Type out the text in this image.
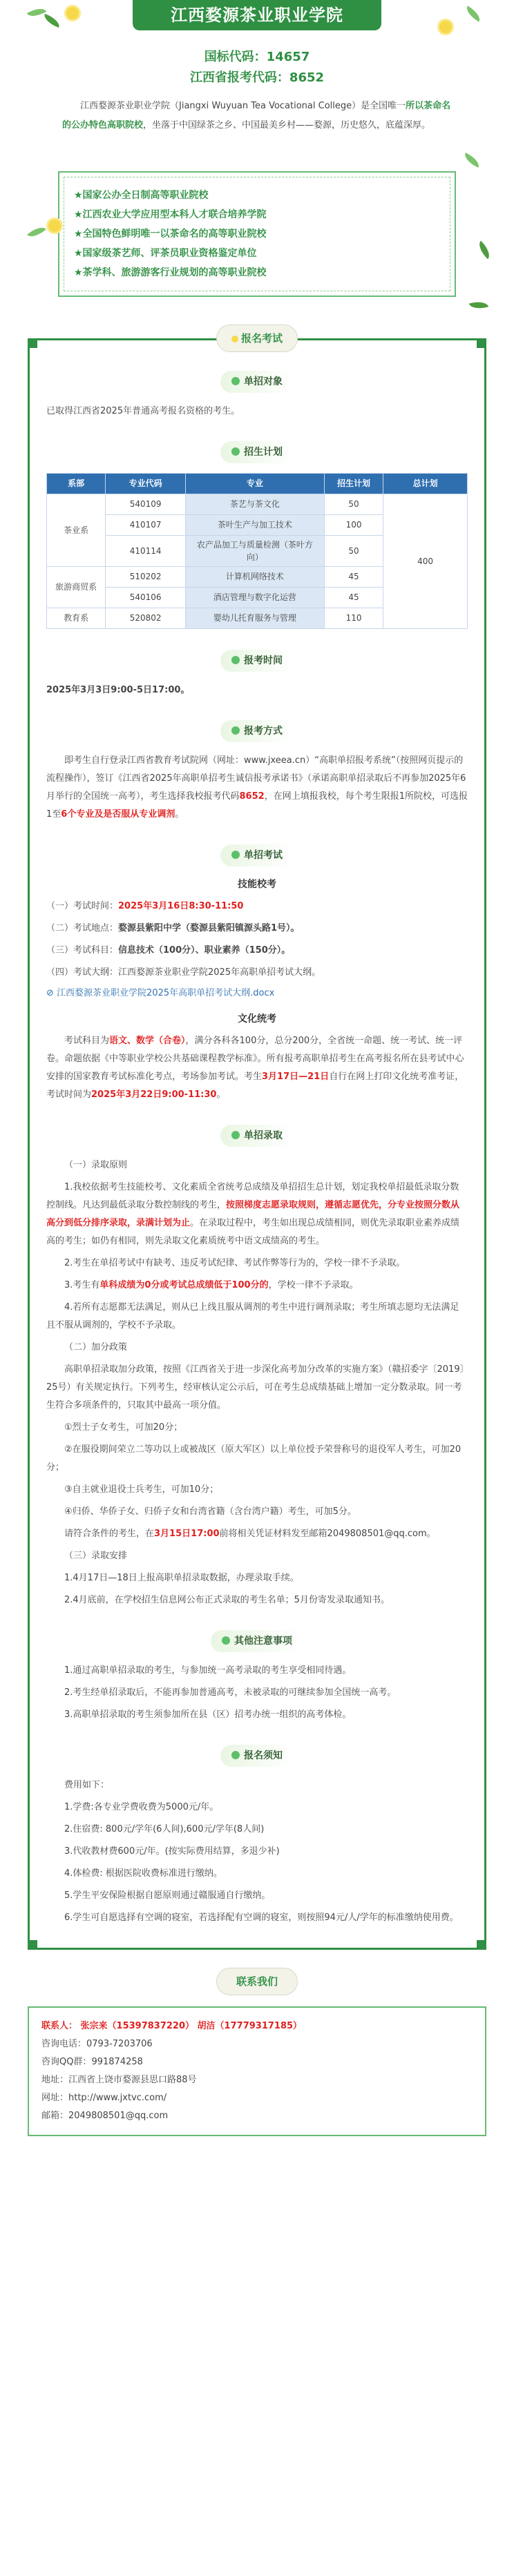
江西婺源茶业职业学院
国标代码：14657
江西省报考代码：8652

江西婺源茶业职业学院（Jiangxi Wuyuan Tea Vocational College）是全国唯一所以茶命名的公办特色高职院校，坐落于中国绿茶之乡、中国最美乡村——婺源，历史悠久，底蕴深厚。

★国家公办全日制高等职业院校
★江西农业大学应用型本科人才联合培养学院
★全国特色鲜明唯一以茶命名的高等职业院校
★国家级茶艺师、评茶员职业资格鉴定单位
★茶学科、旅游游客行业规划的高等职业院校
报名考试
单招对象

已取得江西省2025年普通高考报名资格的考生。

招生计划
系部	专业代码	专业	招生计划	总计划
茶业系	540109	茶艺与茶文化	50	400
	410107	茶叶生产与加工技术	100	
	410114	农产品加工与质量检测（茶叶方向）	50	
旅游商贸系	510202	计算机网络技术	45	
	540106	酒店管理与数字化运营	45	
教育系	520802	婴幼儿托育服务与管理	110	
报考时间

2025年3月3日9:00-5日17:00。

报考方式

即考生自行登录江西省教育考试院网（网址：www.jxeea.cn）“高职单招报考系统”（按照网页提示的流程操作），签订《江西省2025年高职单招考生诚信报考承诺书》（承诺高职单招录取后不再参加2025年6月举行的全国统一高考），考生选择我校报考代码8652，在网上填报我校，每个考生限报1所院校，可选报1至6个专业及是否服从专业调剂。

单招考试
技能校考

（一）考试时间：2025年3月16日8:30-11:50

（二）考试地点：婺源县紫阳中学（婺源县紫阳镇源头路1号）。

（三）考试科目：信息技术（100分）、职业素养（150分）。

（四）考试大纲：江西婺源茶业职业学院2025年高职单招考试大纲。

⊘ 江西婺源茶业职业学院2025年高职单招考试大纲.docx
文化统考

考试科目为语文、数学（合卷），满分各科各100分，总分200分，全省统一命题、统一考试、统一评卷。命题依据《中等职业学校公共基础课程教学标准》。所有报考高职单招考生在高考报名所在县考试中心安排的国家教育考试标准化考点，考场参加考试。考生3月17日—21日自行在网上打印文化统考准考证，考试时间为2025年3月22日9:00-11:30。

单招录取

（一）录取原则

1.我校依据考生技能校考、文化素质全省统考总成绩及单招招生总计划，划定我校单招最低录取分数控制线。凡达到最低录取分数控制线的考生，按照梯度志愿录取规则，遵循志愿优先，分专业按照分数从高分到低分排序录取，录满计划为止。在录取过程中，考生如出现总成绩相同，则优先录取职业素养成绩高的考生；如仍有相同，则先录取文化素质统考中语文成绩高的考生。

2.考生在单招考试中有缺考、违反考试纪律、考试作弊等行为的，学校一律不予录取。

3.考生有单科成绩为0分或考试总成绩低于100分的，学校一律不予录取。

4.若所有志愿都无法满足，则从已上线且服从调剂的考生中进行调剂录取；考生所填志愿均无法满足且不服从调剂的，学校不予录取。

（二）加分政策

高职单招录取加分政策，按照《江西省关于进一步深化高考加分改革的实施方案》（赣招委字〔2019〕25号）有关规定执行。下列考生，经审核认定公示后，可在考生总成绩基础上增加一定分数录取。同一考生符合多项条件的，只取其中最高一项分值。

①烈士子女考生，可加20分；

②在服役期间荣立二等功以上或被战区（原大军区）以上单位授予荣誉称号的退役军人考生，可加20分；

③自主就业退役士兵考生，可加10分；

④归侨、华侨子女、归侨子女和台湾省籍（含台湾户籍）考生，可加5分。

请符合条件的考生，在3月15日17:00前将相关凭证材料发至邮箱2049808501@qq.com。

（三）录取安排

1.4月17日—18日上报高职单招录取数据，办理录取手续。

2.4月底前，在学校招生信息网公布正式录取的考生名单；5月份寄发录取通知书。

其他注意事项

1.通过高职单招录取的考生，与参加统一高考录取的考生享受相同待遇。

2.考生经单招录取后，不能再参加普通高考，未被录取的可继续参加全国统一高考。

3.高职单招录取的考生须参加所在县（区）招考办统一组织的高考体检。

报名须知

费用如下：

1.学费:各专业学费收费为5000元/年。

2.住宿费: 800元/学年(6人间),600元/学年(8人间)

3.代收教材费600元/年。(按实际费用结算，多退少补)

4.体检费: 根据医院收费标准进行缴纳。

5.学生平安保险根据自愿原则通过赣服通自行缴纳。

6.学生可自愿选择有空调的寝室，若选择配有空调的寝室，则按照94元/人/学年的标准缴纳使用费。

联系我们
联系人： 张宗来（15397837220） 胡洁（17779317185）
咨询电话：0793-7203706
咨询QQ群：991874258
地址：江西省上饶市婺源县思口路88号
网址：http://www.jxtvc.com/
邮箱：2049808501@qq.com
